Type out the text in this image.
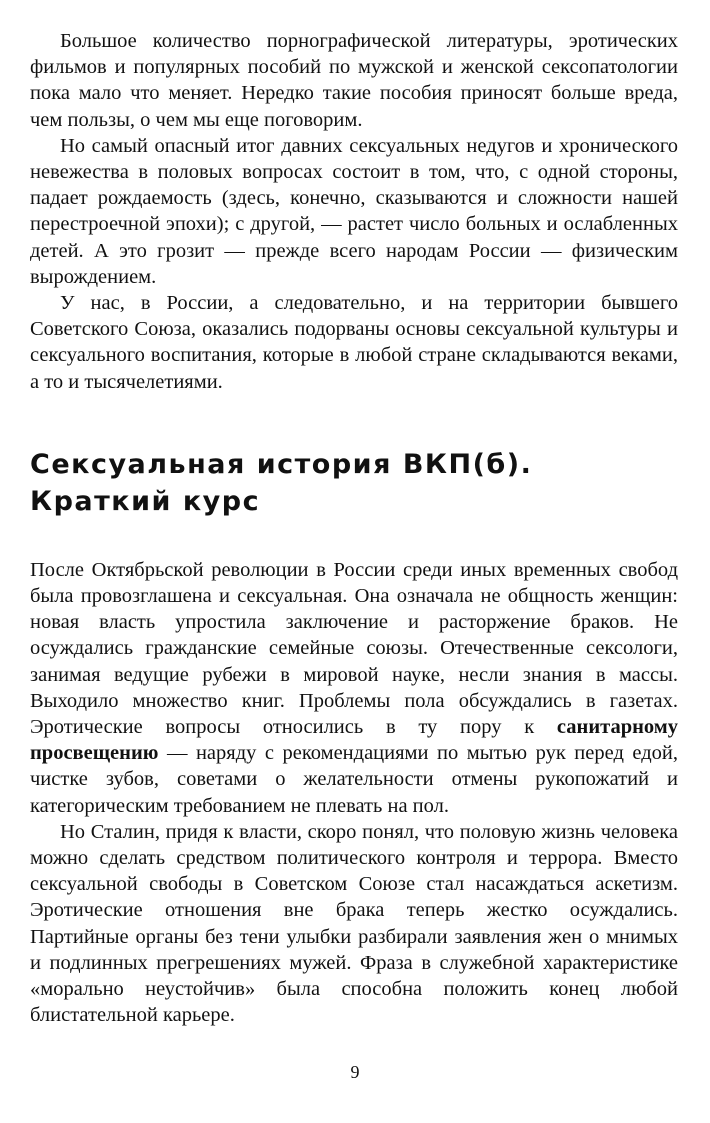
Большое количество порнографической литературы, эротических фильмов и популярных пособий по мужской и женской сексопатологии пока мало что меняет. Нередко такие пособия приносят больше вреда, чем пользы, о чем мы еще поговорим.

Но самый опасный итог давних сексуальных недугов и хронического невежества в половых вопросах состоит в том, что, с одной стороны, падает рождаемость (здесь, конечно, сказываются и сложности нашей перестроечной эпохи); с другой, — растет число больных и ослабленных детей. А это грозит — прежде всего народам России — физическим вырождением.

У нас, в России, а следовательно, и на территории бывшего Советского Союза, оказались подорваны основы сексуальной культуры и сексуального воспитания, которые в любой стране складываются веками, а то и тысячелетиями.

Сексуальная история ВКП(б).
Краткий курс

После Октябрьской революции в России среди иных временных свобод была провозглашена и сексуальная. Она означала не общность женщин: новая власть упростила заключение и расторжение браков. Не осуждались гражданские семейные союзы. Отечественные сексологи, занимая ведущие рубежи в мировой науке, несли знания в массы. Выходило множество книг. Проблемы пола обсуждались в газетах. Эротические вопросы относились в ту пору к санитарному просвещению — наряду с рекомендациями по мытью рук перед едой, чистке зубов, советами о желательности отмены рукопожатий и категорическим требованием не плевать на пол.

Но Сталин, придя к власти, скоро понял, что половую жизнь человека можно сделать средством политического контроля и террора. Вместо сексуальной свободы в Советском Союзе стал насаждаться аскетизм. Эротические отношения вне брака теперь жестко осуждались. Партийные органы без тени улыбки разбирали заявления жен о мнимых и подлинных прегрешениях мужей. Фраза в служебной характеристике «морально неустойчив» была способна положить конец любой блистательной карьере.

9
